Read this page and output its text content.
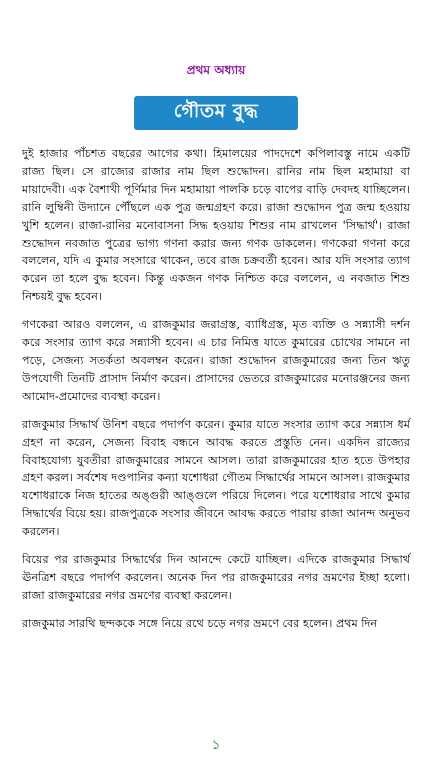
প্রথম অধ্যায়
গৌতম বুদ্ধ

দুই হাজার পাঁচশত বছরের আগের কথা। হিমালয়ের পাদদেশে কপিলাবস্তু নামে একটি রাজ্য ছিল। সে রাজ্যের রাজার নাম ছিল শুদ্ধোদন। রানির নাম ছিল মহামায়া বা মায়াদেবী। এক বৈশাখী পূর্ণিমার দিন মহামায়া পালকি চড়ে বাপের বাড়ি দেবদহ যাচ্ছিলেন। রানি লুম্বিনী উদ্যানে পৌঁছলে এক পুত্র জন্মগ্রহণ করে। রাজা শুদ্ধোদন পুত্র জন্ম হওয়ায় খুশি হলেন। রাজা-রানির মনোবাসনা সিদ্ধ হওয়ায় শিশুর নাম রাখলেন 'সিদ্ধার্থ'। রাজা শুদ্ধোদন নবজাত পুত্রের ভাগ্য গণনা করার জন্য গণক ডাকলেন। গণকেরা গণনা করে বললেন, যদি এ কুমার সংসারে থাকেন, তবে রাজ চক্রবর্তী হবেন। আর যদি সংসার ত্যাগ করেন তা হলে বুদ্ধ হবেন। কিন্তু একজন গণক নিশ্চিত করে বললেন, এ নবজাত শিশু নিশ্চয়ই বুদ্ধ হবেন।

গণকেরা আরও বললেন, এ রাজকুমার জরাগ্রস্ত, ব্যাধিগ্রস্ত, মৃত ব্যক্তি ও সন্ন্যাসী দর্শন করে সংসার ত্যাগ করে সন্ন্যাসী হবেন। এ চার নিমিত্ত যাতে কুমারের চোখের সামনে না পড়ে, সেজন্য সতর্কতা অবলম্বন করেন। রাজা শুদ্ধোদন রাজকুমারের জন্য তিন ঋতু উপযোগী তিনটি প্রাসাদ নির্মাণ করেন। প্রাসাদের ভেতরে রাজকুমারের মনোরঞ্জনের জন্য আমোদ-প্রমোদের ব্যবস্থা করেন।

রাজকুমার সিদ্ধার্থ উনিশ বছরে পদার্পণ করেন। কুমার যাতে সংসার ত্যাগ করে সন্ন্যাস ধর্ম গ্রহণ না করেন, সেজন্য বিবাহ বন্ধনে আবদ্ধ করতে প্রস্তুতি নেন। একদিন রাজ্যের বিবাহযোগ্য যুবতীরা রাজকুমারের সামনে আসল। তারা রাজকুমারের হাত হতে উপহার গ্রহণ করল। সর্বশেষ দণ্ডপানির কন্যা যশোধরা গৌতম সিদ্ধার্থের সামনে আসল। রাজকুমার যশোধরাকে নিজ হাতের অঙ্গুরী আঙ্গুলে পরিয়ে দিলেন। পরে যশোধরার সাথে কুমার সিদ্ধার্থের বিয়ে হয়। রাজপুত্রকে সংসার জীবনে আবদ্ধ করতে পারায় রাজা আনন্দ অনুভব করলেন।

বিয়ের পর রাজকুমার সিদ্ধার্থের দিন আনন্দে কেটে যাচ্ছিল। এদিকে রাজকুমার সিদ্ধার্থ ঊনত্রিশ বছরে পদার্পণ করলেন। অনেক দিন পর রাজকুমারের নগর ভ্রমণের ইচ্ছা হলো। রাজা রাজকুমারের নগর ভ্রমণের ব্যবস্থা করলেন।

রাজকুমার সারথি ছন্দককে সঙ্গে নিয়ে রথে চড়ে নগর ভ্রমণে বের হলেন। প্রথম দিন

১
